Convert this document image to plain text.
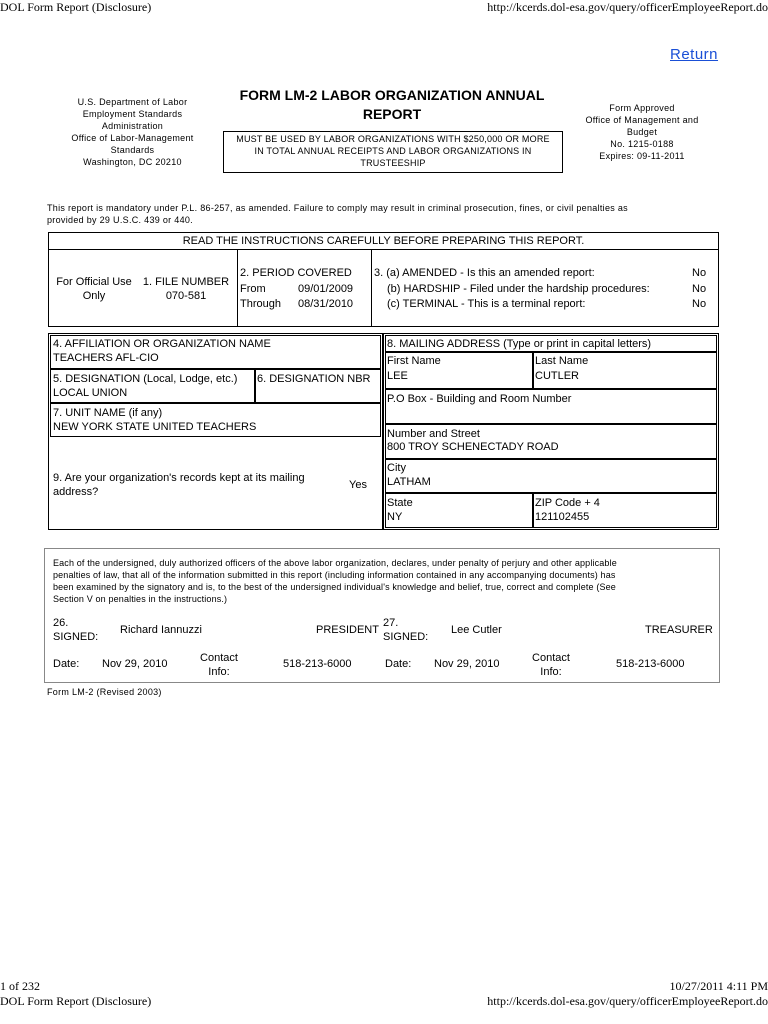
DOL Form Report (Disclosure)	http://kcerds.dol-esa.gov/query/officerEmployeeReport.do
Return
U.S. Department of Labor
Employment Standards
Administration
Office of Labor-Management
Standards
Washington, DC 20210
FORM LM-2 LABOR ORGANIZATION ANNUAL
REPORT
MUST BE USED BY LABOR ORGANIZATIONS WITH $250,000 OR MORE
IN TOTAL ANNUAL RECEIPTS AND LABOR ORGANIZATIONS IN
TRUSTEESHIP
Form Approved
Office of Management and
Budget
No. 1215-0188
Expires: 09-11-2011
This report is mandatory under P.L. 86-257, as amended. Failure to comply may result in criminal prosecution, fines, or civil penalties as
provided by 29 U.S.C. 439 or 440.
READ THE INSTRUCTIONS CAREFULLY BEFORE PREPARING THIS REPORT.
For Official Use
Only
1. FILE NUMBER
070-581
2. PERIOD COVERED
From	09/01/2009
Through 08/31/2010
3. (a) AMENDED - Is this an amended report:	No
(b) HARDSHIP - Filed under the hardship procedures:	No
(c) TERMINAL - This is a terminal report:	No
4. AFFILIATION OR ORGANIZATION NAME
TEACHERS AFL-CIO
5. DESIGNATION (Local, Lodge, etc.)
LOCAL UNION
6. DESIGNATION NBR
7. UNIT NAME (if any)
NEW YORK STATE UNITED TEACHERS
9. Are your organization's records kept at its mailing
address?
Yes
8. MAILING ADDRESS (Type or print in capital letters)
First Name
LEE
Last Name
CUTLER
P.O Box - Building and Room Number
Number and Street
800 TROY SCHENECTADY ROAD
City
LATHAM
State
NY
ZIP Code + 4
121102455
Each of the undersigned, duly authorized officers of the above labor organization, declares, under penalty of perjury and other applicable
penalties of law, that all of the information submitted in this report (including information contained in any accompanying documents) has
been examined by the signatory and is, to the best of the undersigned individual's knowledge and belief, true, correct and complete (See
Section V on penalties in the instructions.)
26.
SIGNED:
Richard Iannuzzi	PRESIDENT
Date: Nov 29, 2010	Contact
Info:
518-213-6000
27.
SIGNED:
Lee Cutler	TREASURER
Date: Nov 29, 2010	Contact
Info:
518-213-6000
Form LM-2 (Revised 2003)
1 of 232	10/27/2011 4:11 PM
DOL Form Report (Disclosure)	http://kcerds.dol-esa.gov/query/officerEmployeeReport.do
